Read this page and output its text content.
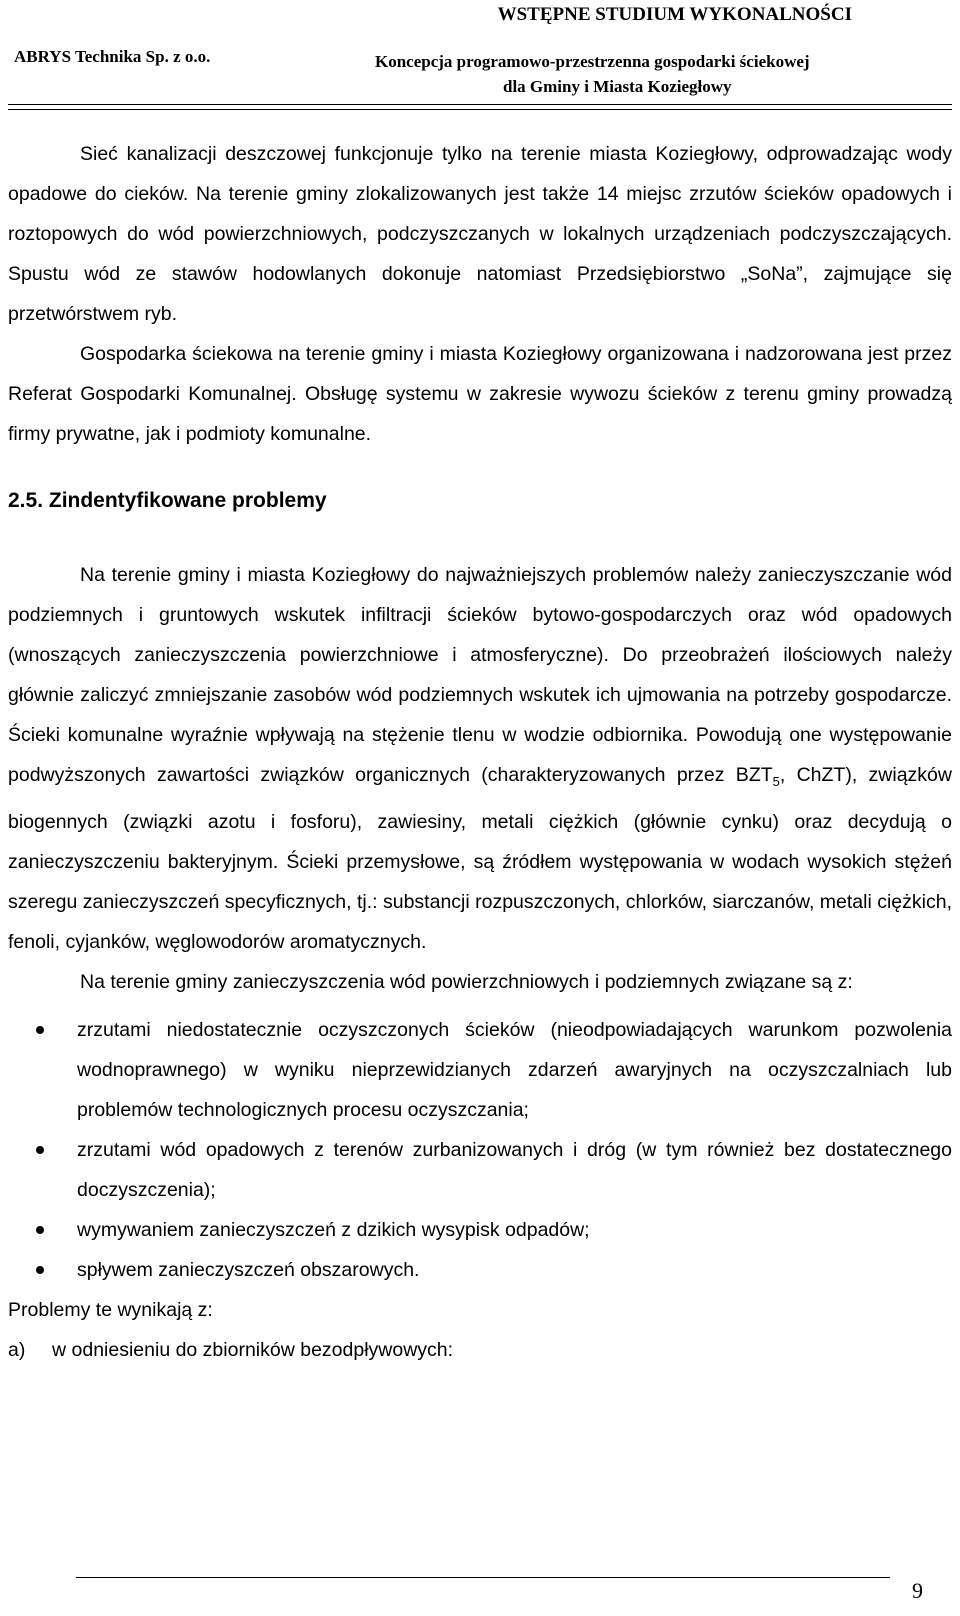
WSTĘPNE STUDIUM WYKONALNOŚCI
ABRYS Technika Sp. z o.o.	Koncepcja programowo-przestrzenna gospodarki ściekowej
dla Gminy i Miasta Koziegłowy

Sieć kanalizacji deszczowej funkcjonuje tylko na terenie miasta Koziegłowy, odprowadzając wody opadowe do cieków. Na terenie gminy zlokalizowanych jest także 14 miejsc zrzutów ścieków opadowych i roztopowych do wód powierzchniowych, podczyszczanych w lokalnych urządzeniach podczyszczających. Spustu wód ze stawów hodowlanych dokonuje natomiast Przedsiębiorstwo „SoNa”, zajmujące się przetwórstwem ryb.

Gospodarka ściekowa na terenie gminy i miasta Koziegłowy organizowana i nadzorowana jest przez Referat Gospodarki Komunalnej. Obsługę systemu w zakresie wywozu ścieków z terenu gminy prowadzą firmy prywatne, jak i podmioty komunalne.

2.5. Zindentyfikowane problemy

Na terenie gminy i miasta Koziegłowy do najważniejszych problemów należy zanieczyszczanie wód podziemnych i gruntowych wskutek infiltracji ścieków bytowo-gospodarczych oraz wód opadowych (wnoszących zanieczyszczenia powierzchniowe i atmosferyczne). Do przeobrażeń ilościowych należy głównie zaliczyć zmniejszanie zasobów wód podziemnych wskutek ich ujmowania na potrzeby gospodarcze. Ścieki komunalne wyraźnie wpływają na stężenie tlenu w wodzie odbiornika. Powodują one występowanie podwyższonych zawartości związków organicznych (charakteryzowanych przez $BZT_5$, ChZT), związków biogennych (związki azotu i fosforu), zawiesiny, metali ciężkich (głównie cynku) oraz decydują o zanieczyszczeniu bakteryjnym. Ścieki przemysłowe, są źródłem występowania w wodach wysokich stężeń szeregu zanieczyszczeń specyficznych, tj.: substancji rozpuszczonych, chlorków, siarczanów, metali ciężkich, fenoli, cyjanków, węglowodorów aromatycznych.

Na terenie gminy zanieczyszczenia wód powierzchniowych i podziemnych związane są z:

zrzutami niedostatecznie oczyszczonych ścieków (nieodpowiadających warunkom pozwolenia wodnoprawnego) w wyniku nieprzewidzianych zdarzeń awaryjnych na oczyszczalniach lub problemów technologicznych procesu oczyszczania;
zrzutami wód opadowych z terenów zurbanizowanych i dróg (w tym również bez dostatecznego doczyszczenia);
wymywaniem zanieczyszczeń z dzikich wysypisk odpadów;
spływem zanieczyszczeń obszarowych.

Problemy te wynikają z:

a)	w odniesieniu do zbiorników bezodpływowych:
9
